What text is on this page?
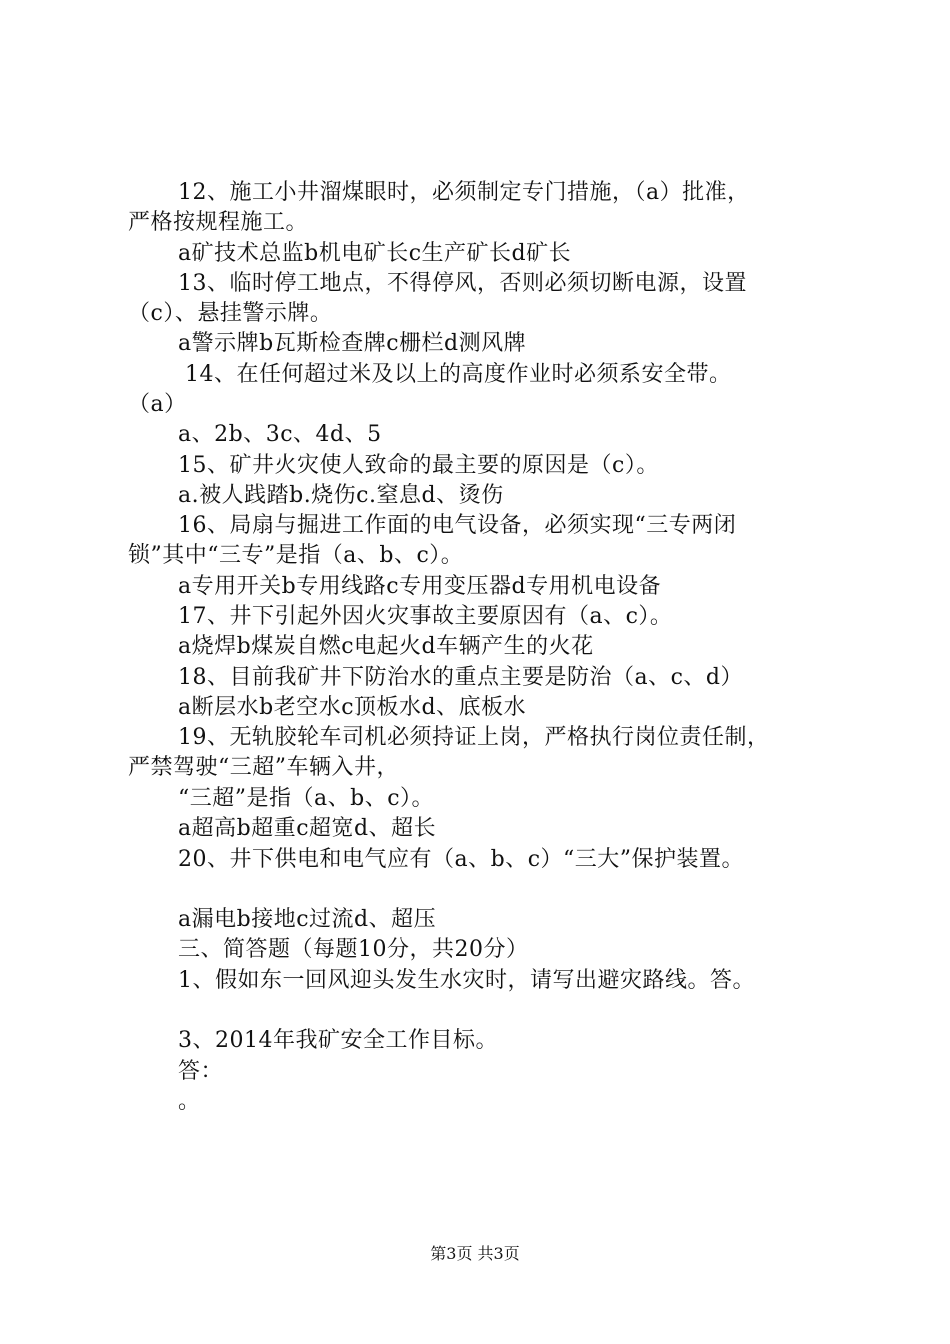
12、施工小井溜煤眼时，必须制定专门措施，（a）批准，
严格按规程施工。
a矿技术总监b机电矿长c生产矿长d矿长
13、临时停工地点，不得停风，否则必须切断电源，设置
（c）、悬挂警示牌。
a警示牌b瓦斯检查牌c栅栏d测风牌
14、在任何超过米及以上的高度作业时必须系安全带。
（a）
a、2b、3c、4d、5
15、矿井火灾使人致命的最主要的原因是（c）。
a.被人践踏b.烧伤c.窒息d、烫伤
16、局扇与掘进工作面的电气设备，必须实现“三专两闭
锁”其中“三专”是指（a、b、c）。
a专用开关b专用线路c专用变压器d专用机电设备
17、井下引起外因火灾事故主要原因有（a、c）。
a烧焊b煤炭自燃c电起火d车辆产生的火花
18、目前我矿井下防治水的重点主要是防治（a、c、d）
a断层水b老空水c顶板水d、底板水
19、无轨胶轮车司机必须持证上岗，严格执行岗位责任制，
严禁驾驶“三超”车辆入井，
“三超”是指（a、b、c）。
a超高b超重c超宽d、超长
20、井下供电和电气应有（a、b、c）“三大”保护装置。
a漏电b接地c过流d、超压
三、简答题（每题10分，共20分）
1、假如东一回风迎头发生水灾时，请写出避灾路线。答。
3、2014年我矿安全工作目标。
答：
。
第3页 共3页
